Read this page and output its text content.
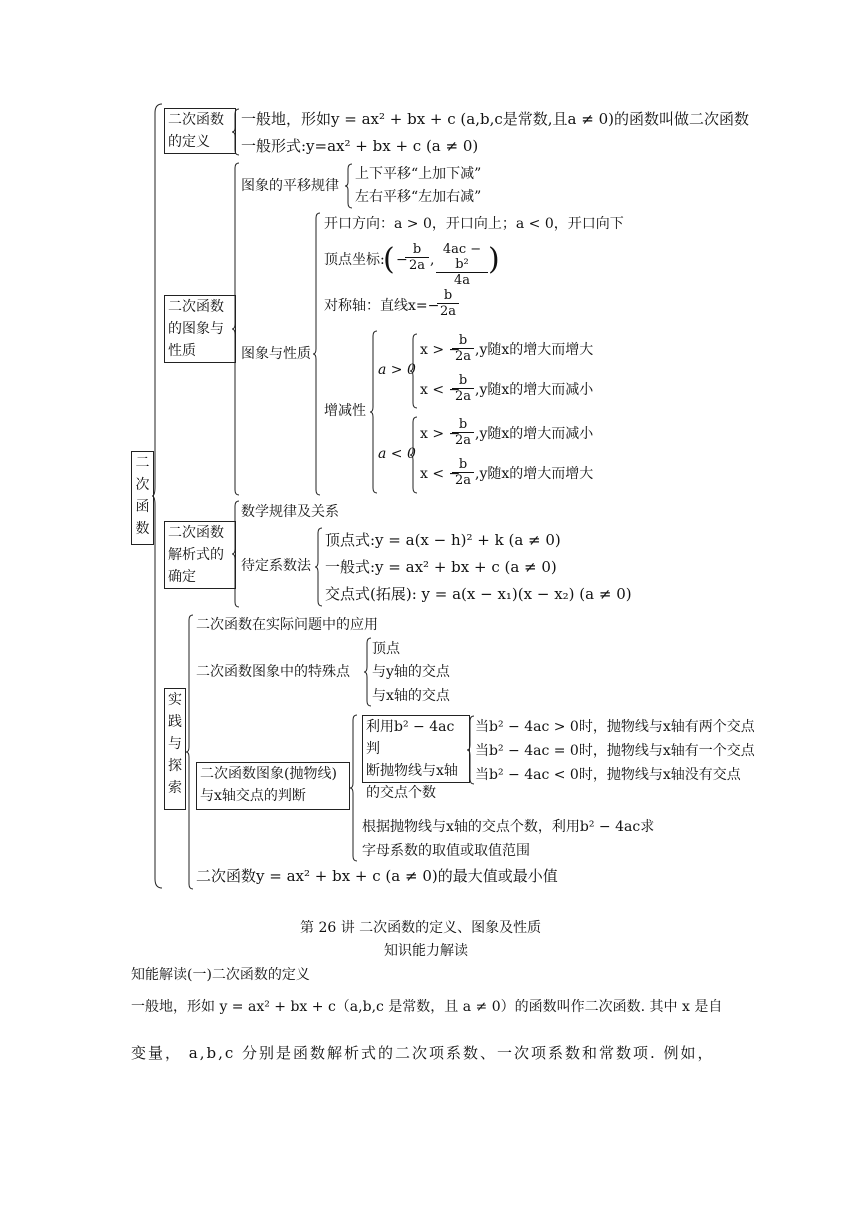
二
次
函
数
二次函数
的定义
一般地，形如y = ax² + bx + c (a,b,c是常数,且a ≠ 0)的函数叫做二次函数
一般形式:y=ax² + bx + c (a ≠ 0)
二次函数
的图象与
性质
图象的平移规律
上下平移“上加下减”
左右平移“左加右减”
图象与性质
开口方向：a > 0，开口向上；a < 0，开口向下
顶点坐标:
( −
$\frac{b}{2a}$ , $\frac{\text{4ac − b²}}{4a}$ )
对称轴：直线x=−
$\frac{b}{2a}$
增减性
a > 0
a < 0
x > −
$\frac{b}{2a} ,y$随x的增大而增大
x < −
$\frac{b}{2a} ,y$随x的增大而减小
x > −
$\frac{b}{2a} ,y$随x的增大而减小
x < −
$\frac{b}{2a} ,y$随x的增大而增大
二次函数
解析式的
确定
数学规律及关系
待定系数法
顶点式:y = a(x − h)² + k (a ≠ 0)
一般式:y = ax² + bx + c (a ≠ 0)
交点式(拓展): y = a(x − x₁)(x − x₂) (a ≠ 0)
实
践
与
探
索
二次函数在实际问题中的应用
二次函数图象中的特殊点
顶点
与y轴的交点
与x轴的交点
二次函数图象(抛物线)
与x轴交点的判断
利用b² − 4ac判
断抛物线与x轴
的交点个数
当b² − 4ac > 0时，抛物线与x轴有两个交点
当b² − 4ac = 0时，抛物线与x轴有一个交点
当b² − 4ac < 0时，抛物线与x轴没有交点
根据抛物线与x轴的交点个数，利用b² − 4ac求
字母系数的取值或取值范围
二次函数y = ax² + bx + c (a ≠ 0)的最大值或最小值
第 26 讲 二次函数的定义、图象及性质
知识能力解读
知能解读(一)二次函数的定义
一般地，形如 y = ax² + bx + c（a,b,c 是常数，且 a ≠ 0）的函数叫作二次函数. 其中 x 是自
变量， a,b,c 分别是函数解析式的二次项系数、一次项系数和常数项. 例如，
